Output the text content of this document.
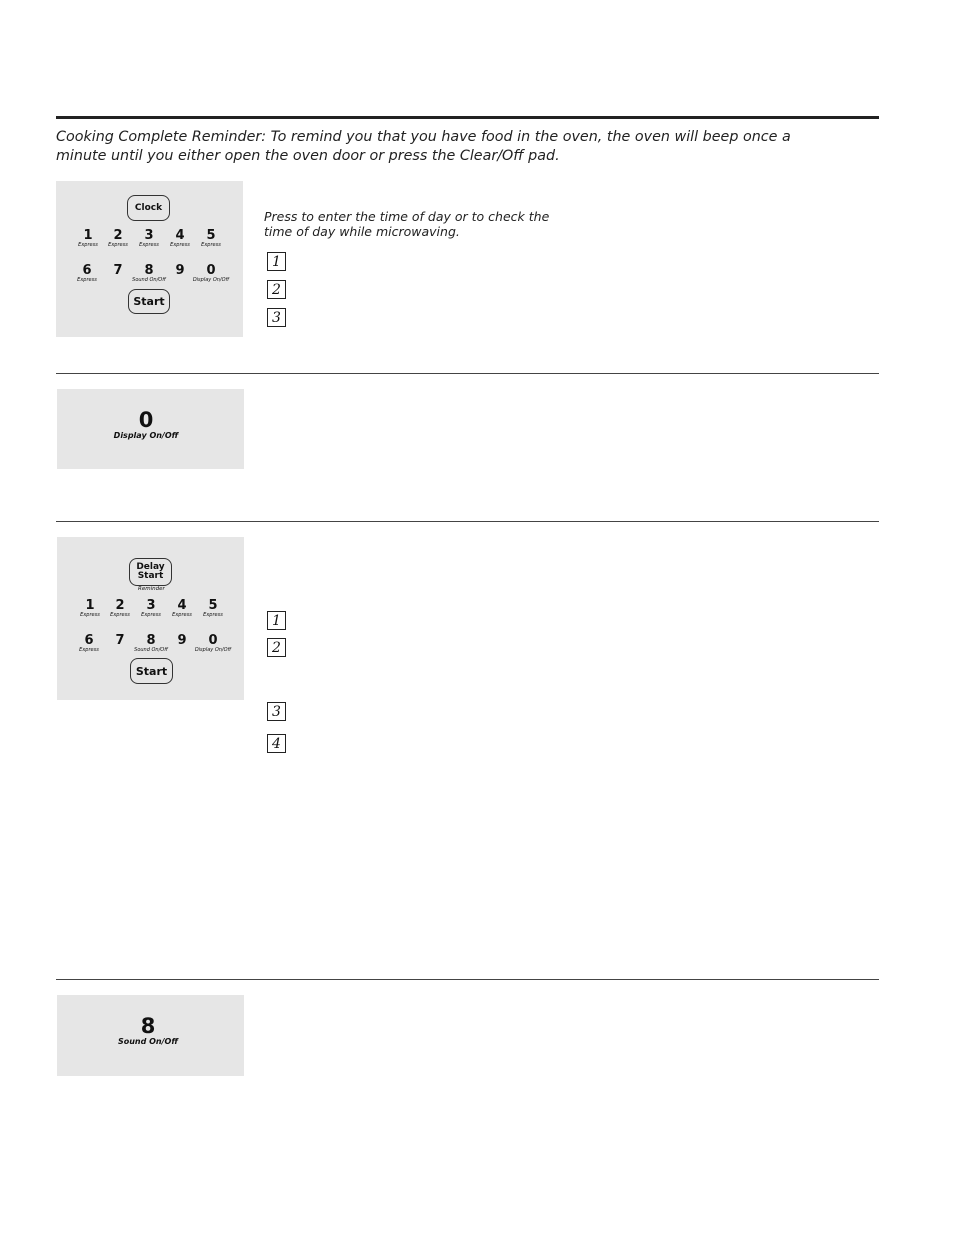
Cooking Complete Reminder: To remind you that you have food in the oven, the oven will beep once a minute until you either open the oven door or press the Clear/Off pad.
Clock
1
Express
2
Express
3
Express
4
Express
5
Express
6
Express
7	8
Sound On/Off
9	0
Display On/Off
Start
Press to enter the time of day or to check the time of day while microwaving.
1
2
3
0
Display On/Off
Delay
Start
Reminder
1
Express
2
Express
3
Express
4
Express
5
Express
6
Express
7	8
Sound On/Off
9	0
Display On/Off
Start
1
2
3
4
8
Sound On/Off
